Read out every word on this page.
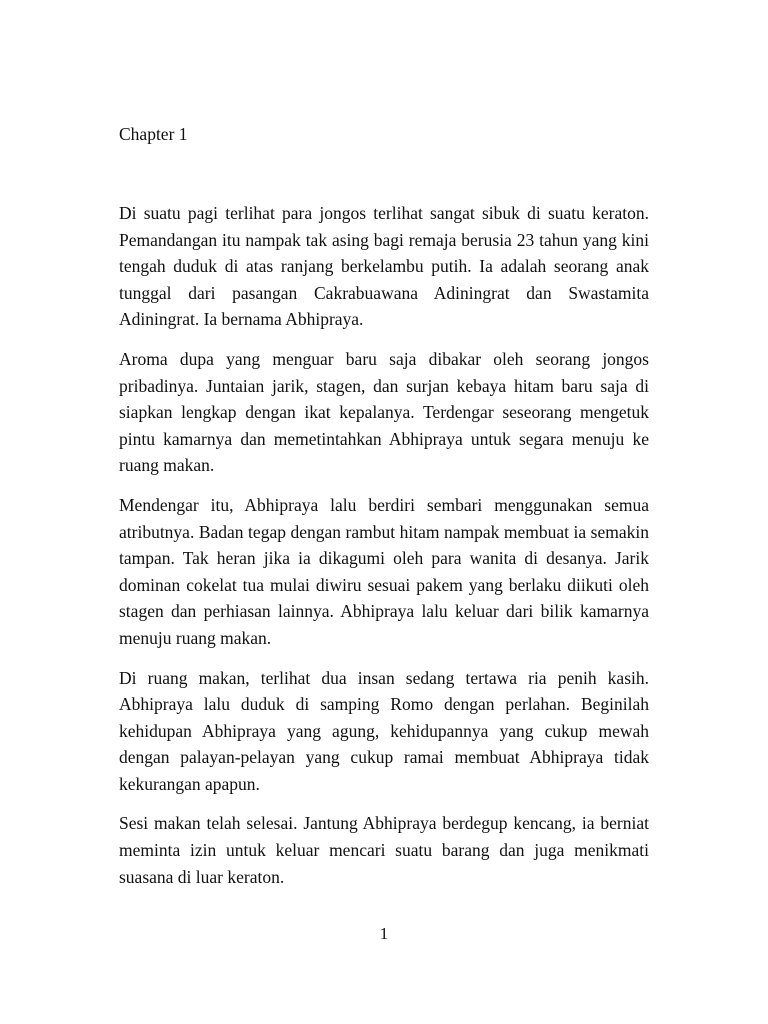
Chapter 1

Di suatu pagi terlihat para jongos terlihat sangat sibuk di suatu keraton. Pemandangan itu nampak tak asing bagi remaja berusia 23 tahun yang kini tengah duduk di atas ranjang berkelambu putih. Ia adalah seorang anak tunggal dari pasangan Cakrabuawana Adiningrat dan Swastamita Adiningrat. Ia bernama Abhipraya.

Aroma dupa yang menguar baru saja dibakar oleh seorang jongos pribadinya. Juntaian jarik, stagen, dan surjan kebaya hitam baru saja di siapkan lengkap dengan ikat kepalanya. Terdengar seseorang mengetuk pintu kamarnya dan memetintahkan Abhipraya untuk segara menuju ke ruang makan.

Mendengar itu, Abhipraya lalu berdiri sembari menggunakan semua atributnya. Badan tegap dengan rambut hitam nampak membuat ia semakin tampan. Tak heran jika ia dikagumi oleh para wanita di desanya. Jarik dominan cokelat tua mulai diwiru sesuai pakem yang berlaku diikuti oleh stagen dan perhiasan lainnya. Abhipraya lalu keluar dari bilik kamarnya menuju ruang makan.

Di ruang makan, terlihat dua insan sedang tertawa ria penih kasih. Abhipraya lalu duduk di samping Romo dengan perlahan. Beginilah kehidupan Abhipraya yang agung, kehidupannya yang cukup mewah dengan palayan-pelayan yang cukup ramai membuat Abhipraya tidak kekurangan apapun.

Sesi makan telah selesai. Jantung Abhipraya berdegup kencang, ia berniat meminta izin untuk keluar mencari suatu barang dan juga menikmati suasana di luar keraton.

1
